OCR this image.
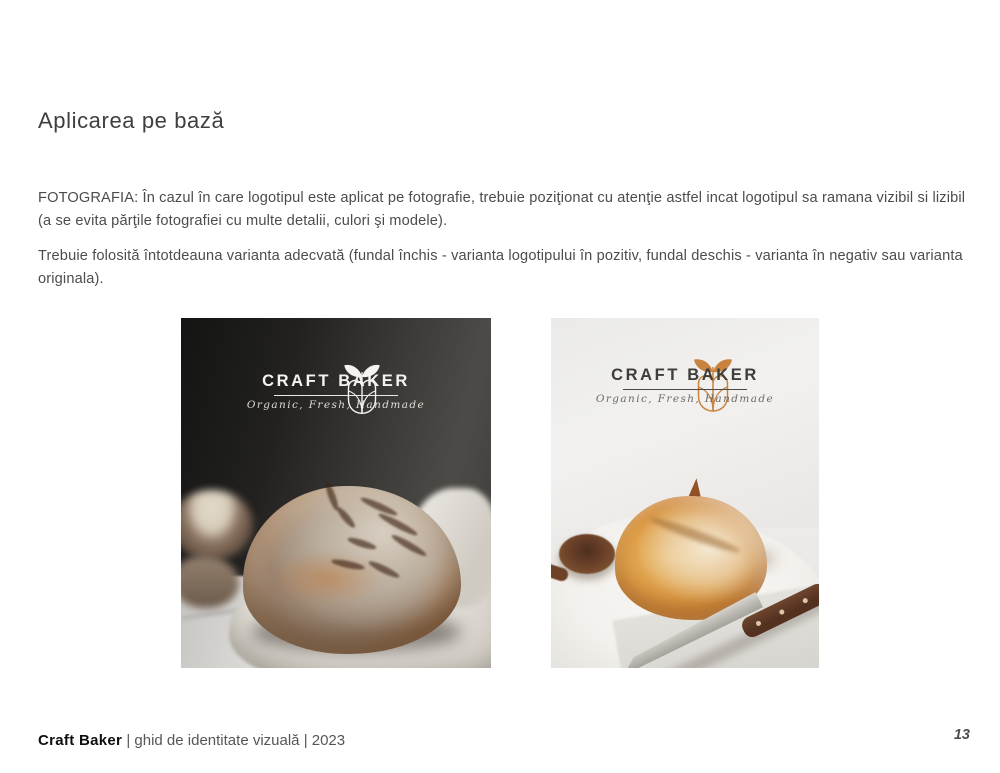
Aplicarea pe bază

FOTOGRAFIA: În cazul în care logotipul este aplicat pe fotografie, trebuie poziţionat cu atenţie astfel incat logotipul sa ramana vizibil si lizibil (a se evita părţile fotografiei cu multe detalii, culori şi modele).

Trebuie folosită întotdeauna varianta adecvată (fundal închis - varianta logotipului în pozitiv, fundal deschis - varianta în negativ sau varianta originala).

CRAFT BAKER
Organic, Fresh, Handmade
CRAFT BAKER
Organic, Fresh, Handmade
Craft Baker | ghid de identitate vizuală | 2023	13
